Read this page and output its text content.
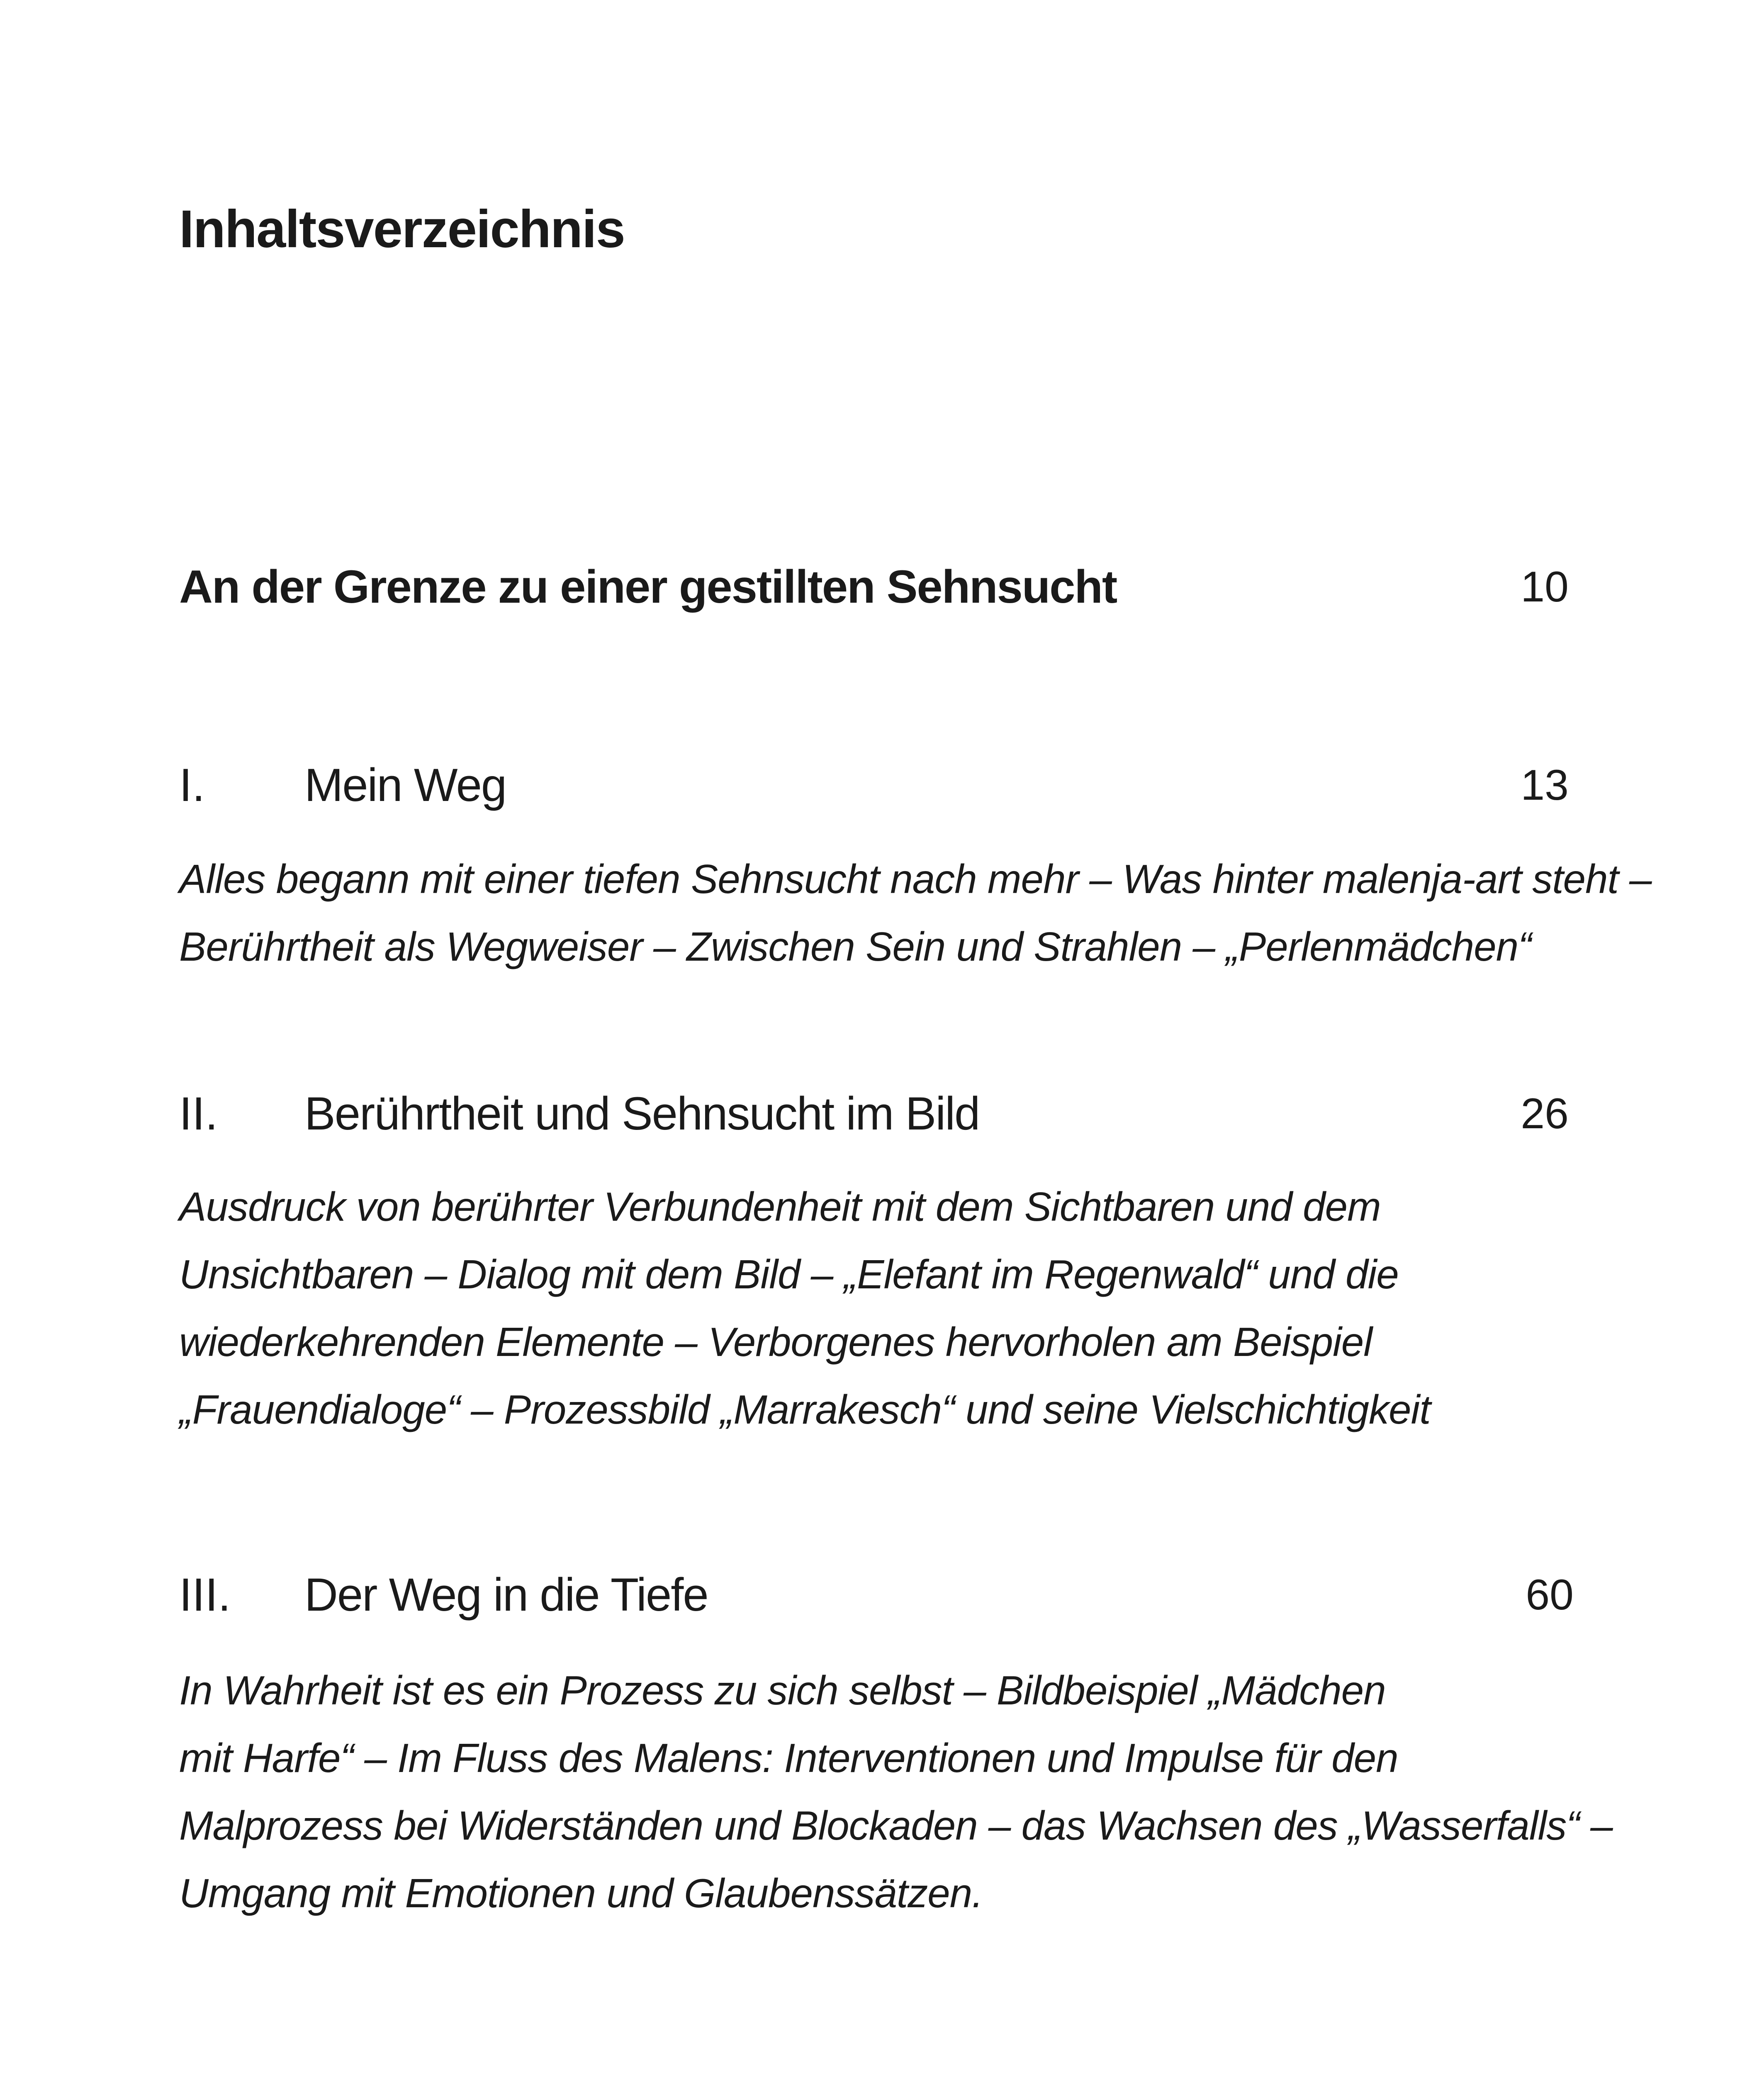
Inhaltsverzeichnis
An der Grenze zu einer gestillten Sehnsucht	10
I. Mein Weg	13

Alles begann mit einer tiefen Sehnsucht nach mehr – Was hinter malenja-art steht –
Berührtheit als Wegweiser – Zwischen Sein und Strahlen – „Perlenmädchen“

II. Berührtheit und Sehnsucht im Bild	26

Ausdruck von berührter Verbundenheit mit dem Sichtbaren und dem
Unsichtbaren – Dialog mit dem Bild – „Elefant im Regenwald“ und die
wiederkehrenden Elemente – Verborgenes hervorholen am Beispiel
„Frauendialoge“ – Prozessbild „Marrakesch“ und seine Vielschichtigkeit

III. Der Weg in die Tiefe	60

In Wahrheit ist es ein Prozess zu sich selbst – Bildbeispiel „Mädchen
mit Harfe“ – Im Fluss des Malens: Interventionen und Impulse für den
Malprozess bei Widerständen und Blockaden – das Wachsen des „Wasserfalls“ –
Umgang mit Emotionen und Glaubenssätzen.
